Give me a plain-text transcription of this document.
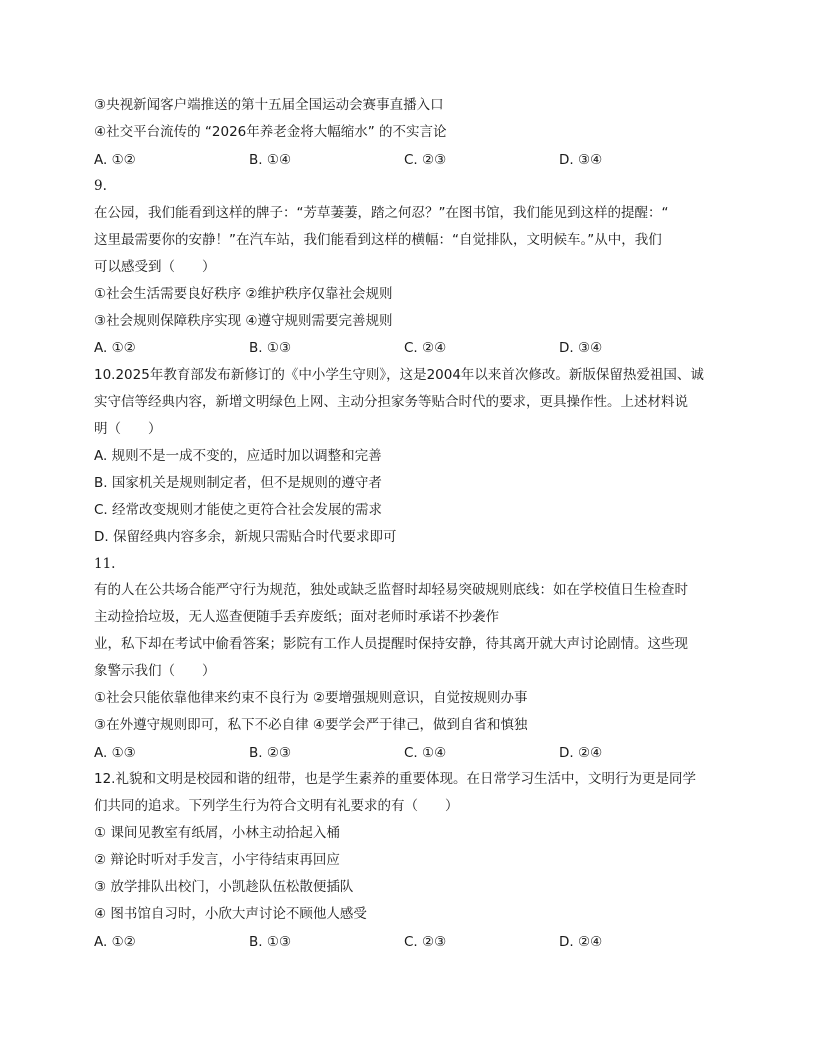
③央视新闻客户端推送的第十五届全国运动会赛事直播入口
④社交平台流传的 “2026年养老金将大幅缩水” 的不实言论
A. ①②	B. ①④	C. ②③	D. ③④
9.
在公园，我们能看到这样的牌子：“芳草萋萋，踏之何忍？”在图书馆，我们能见到这样的提醒：“
这里最需要你的安静！”在汽车站，我们能看到这样的横幅：“自觉排队，文明候车。”从中，我们
可以感受到（　　）
①社会生活需要良好秩序 ②维护秩序仅靠社会规则
③社会规则保障秩序实现 ④遵守规则需要完善规则
A. ①②	B. ①③	C. ②④	D. ③④
10.2025年教育部发布新修订的《中小学生守则》，这是2004年以来首次修改。新版保留热爱祖国、诚
实守信等经典内容，新增文明绿色上网、主动分担家务等贴合时代的要求，更具操作性。上述材料说
明（　　）
A. 规则不是一成不变的，应适时加以调整和完善
B. 国家机关是规则制定者，但不是规则的遵守者
C. 经常改变规则才能使之更符合社会发展的需求
D. 保留经典内容多余，新规只需贴合时代要求即可
11.
有的人在公共场合能严守行为规范，独处或缺乏监督时却轻易突破规则底线：如在学校值日生检查时
主动捡拾垃圾，无人巡查便随手丢弃废纸；面对老师时承诺不抄袭作
业，私下却在考试中偷看答案；影院有工作人员提醒时保持安静，待其离开就大声讨论剧情。这些现
象警示我们（　　）
①社会只能依靠他律来约束不良行为 ②要增强规则意识，自觉按规则办事
③在外遵守规则即可，私下不必自律 ④要学会严于律己，做到自省和慎独
A. ①③	B. ②③	C. ①④	D. ②④
12.礼貌和文明是校园和谐的纽带，也是学生素养的重要体现。在日常学习生活中，文明行为更是同学
们共同的追求。下列学生行为符合文明有礼要求的有（　　）
① 课间见教室有纸屑，小林主动拾起入桶
② 辩论时听对手发言，小宇待结束再回应
③ 放学排队出校门，小凯趁队伍松散便插队
④ 图书馆自习时，小欣大声讨论不顾他人感受
A. ①②	B. ①③	C. ②③	D. ②④
